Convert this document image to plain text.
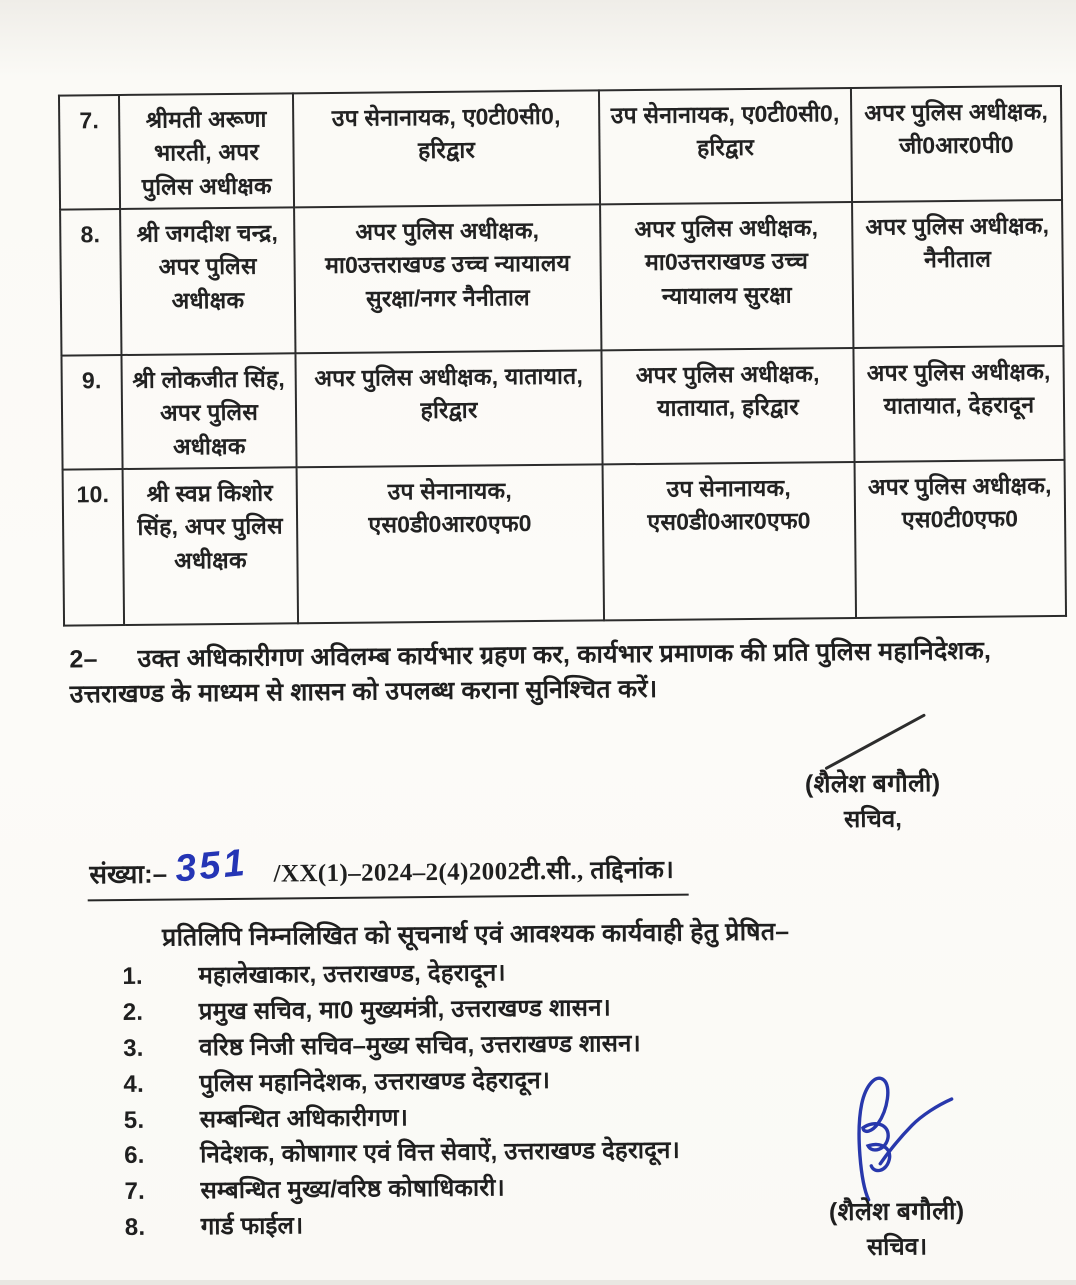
7.	श्रीमती अरूणा भारती, अपर पुलिस अधीक्षक	उप सेनानायक, ए0टी0सी0, हरिद्वार	उप सेनानायक, ए0टी0सी0, हरिद्वार	अपर पुलिस अधीक्षक, जी0आर0पी0
8.	श्री जगदीश चन्द्र, अपर पुलिस अधीक्षक	अपर पुलिस अधीक्षक, मा0उत्तराखण्ड उच्च न्यायालय सुरक्षा/नगर नैनीताल	अपर पुलिस अधीक्षक, मा0उत्तराखण्ड उच्च न्यायालय सुरक्षा	अपर पुलिस अधीक्षक, नैनीताल
9.	श्री लोकजीत सिंह, अपर पुलिस अधीक्षक	अपर पुलिस अधीक्षक, यातायात, हरिद्वार	अपर पुलिस अधीक्षक, यातायात, हरिद्वार	अपर पुलिस अधीक्षक, यातायात, देहरादून
10.	श्री स्वप्न किशोर सिंह, अपर पुलिस अधीक्षक	उप सेनानायक, एस0डी0आर0एफ0	उप सेनानायक, एस0डी0आर0एफ0	अपर पुलिस अधीक्षक, एस0टी0एफ0
2– उक्त अधिकारीगण अविलम्ब कार्यभार ग्रहण कर, कार्यभार प्रमाणक की प्रति पुलिस महानिदेशक, उत्तराखण्ड के माध्यम से शासन को उपलब्ध कराना सुनिश्चित करें।
(शैलेश बगौली)
सचिव,
संख्या:– 351 /XX(1)–2024–2(4)2002टी.सी., तद्दिनांक।
प्रतिलिपि निम्नलिखित को सूचनार्थ एवं आवश्यक कार्यवाही हेतु प्रेषित–
1.	महालेखाकार, उत्तराखण्ड, देहरादून।
2.	प्रमुख सचिव, मा0 मुख्यमंत्री, उत्तराखण्ड शासन।
3.	वरिष्ठ निजी सचिव–मुख्य सचिव, उत्तराखण्ड शासन।
4.	पुलिस महानिदेशक, उत्तराखण्ड देहरादून।
5.	सम्बन्धित अधिकारीगण।
6.	निदेशक, कोषागार एवं वित्त सेवाऐं, उत्तराखण्ड देहरादून।
7.	सम्बन्धित मुख्य/वरिष्ठ कोषाधिकारी।
8.	गार्ड फाईल।
(शैलेश बगौली)
सचिव।
